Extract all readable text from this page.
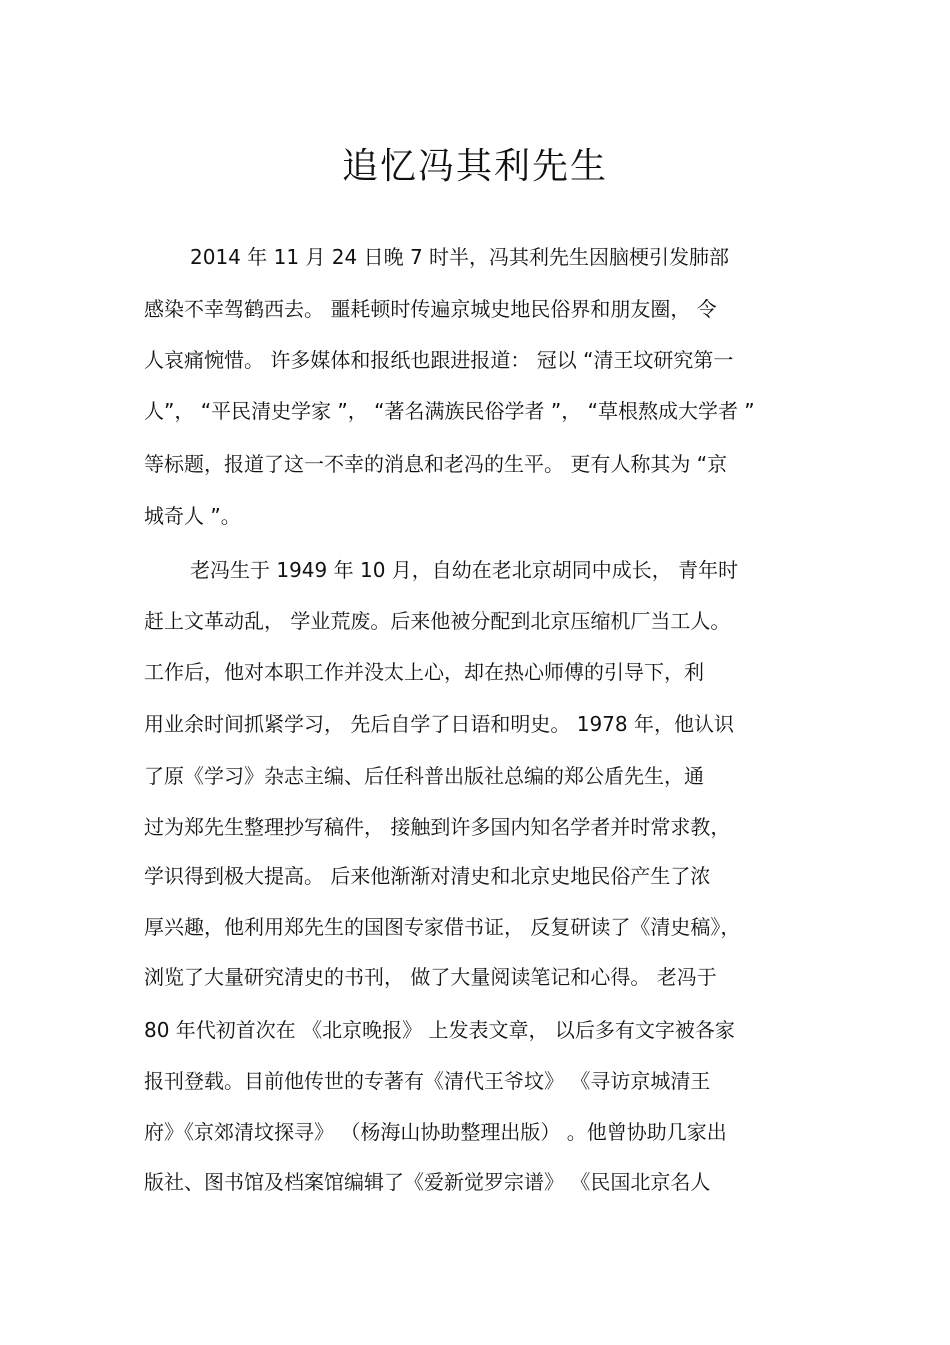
追忆冯其利先生
2014 年 11 月 24 日晚 7 时半，冯其利先生因脑梗引发肺部
感染不幸驾鹤西去。 噩耗顿时传遍京城史地民俗界和朋友圈， 令
人哀痛惋惜。 许多媒体和报纸也跟进报道： 冠以 “清王坟研究第一
人”， “平民清史学家 ”， “著名满族民俗学者 ”， “草根熬成大学者 ”
等标题，报道了这一不幸的消息和老冯的生平。 更有人称其为 “京
城奇人 ”。
老冯生于 1949 年 10 月，自幼在老北京胡同中成长， 青年时
赶上文革动乱， 学业荒废。后来他被分配到北京压缩机厂当工人。
工作后，他对本职工作并没太上心，却在热心师傅的引导下，利
用业余时间抓紧学习， 先后自学了日语和明史。 1978 年，他认识
了原《学习》杂志主编、后任科普出版社总编的郑公盾先生，通
过为郑先生整理抄写稿件， 接触到许多国内知名学者并时常求教，
学识得到极大提高。 后来他渐渐对清史和北京史地民俗产生了浓
厚兴趣，他利用郑先生的国图专家借书证， 反复研读了《清史稿》，
浏览了大量研究清史的书刊， 做了大量阅读笔记和心得。 老冯于
80 年代初首次在 《北京晚报》 上发表文章， 以后多有文字被各家
报刊登载。目前他传世的专著有《清代王爷坟》 《寻访京城清王
府》《京郊清坟探寻》 （杨海山协助整理出版） 。他曾协助几家出
版社、图书馆及档案馆编辑了《爱新觉罗宗谱》 《民国北京名人
